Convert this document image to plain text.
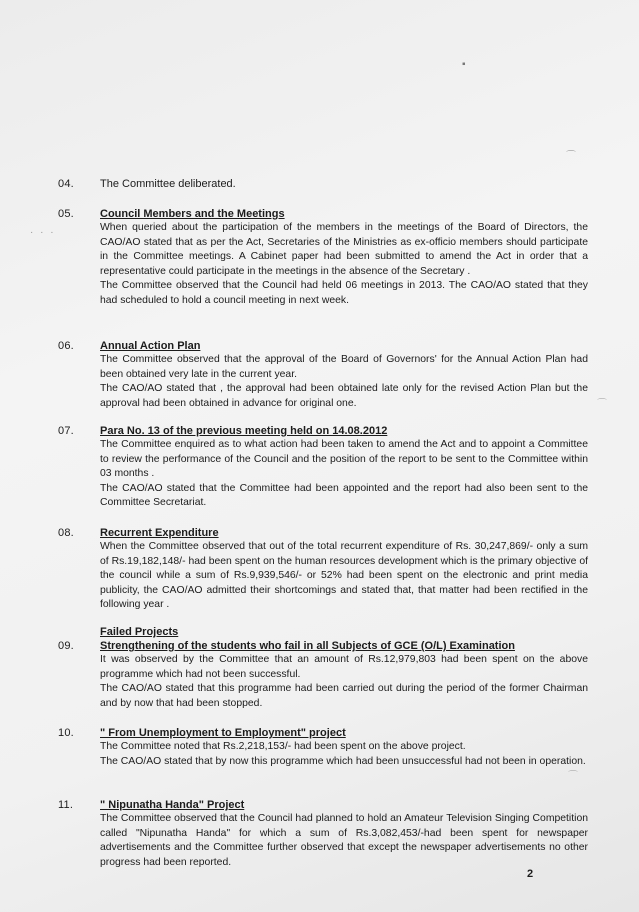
04.	The Committee deliberated.

05.	Council Members and the Meetings

When queried about the participation of the members in the meetings of the Board of Directors, the CAO/AO stated that as per the Act, Secretaries of the Ministries as ex-officio members should participate in the Committee meetings. A Cabinet paper had been submitted to amend the Act in order that a representative could participate in the meetings in the absence of the Secretary .

The Committee observed that the Council had held 06 meetings in 2013. The CAO/AO stated that they had scheduled to hold a council meeting in next week.

06.	Annual Action Plan

The Committee observed that the approval of the Board of Governors' for the Annual Action Plan had been obtained very late in the current year.

The CAO/AO stated that , the approval had been obtained late only for the revised Action Plan but the approval had been obtained in advance for original one.

07.	Para No. 13 of the previous meeting held on 14.08.2012

The Committee enquired as to what action had been taken to amend the Act and to appoint a Committee to review the performance of the Council and the position of the report to be sent to the Committee within 03 months .

The CAO/AO stated that the Committee had been appointed and the report had also been sent to the Committee Secretariat.

08.	Recurrent Expenditure

When the Committee observed that out of the total recurrent expenditure of Rs. 30,247,869/- only a sum of Rs.19,182,148/- had been spent on the human resources development which is the primary objective of the council while a sum of Rs.9,939,546/- or 52% had been spent on the electronic and print media publicity, the CAO/AO admitted their shortcomings and stated that, that matter had been rectified in the following year .

Failed Projects

09.	Strengthening of the students who fail in all Subjects of GCE (O/L) Examination

It was observed by the Committee that an amount of Rs.12,979,803 had been spent on the above programme which had not been successful.

The CAO/AO stated that this programme had been carried out during the period of the former Chairman and by now that had been stopped.

10.	" From Unemployment to Employment" project

The Committee noted that Rs.2,218,153/- had been spent on the above project.

The CAO/AO stated that by now this programme which had been unsuccessful had not been in operation.

11.	" Nipunatha Handa" Project

The Committee observed that the Council had planned to hold an Amateur Television Singing Competition called "Nipunatha Handa" for which a sum of Rs.3,082,453/-had been spent for newspaper advertisements and the Committee further observed that except the newspaper advertisements no other progress had been reported.

2
▪
⌒
· · ·
⌒
⌒
